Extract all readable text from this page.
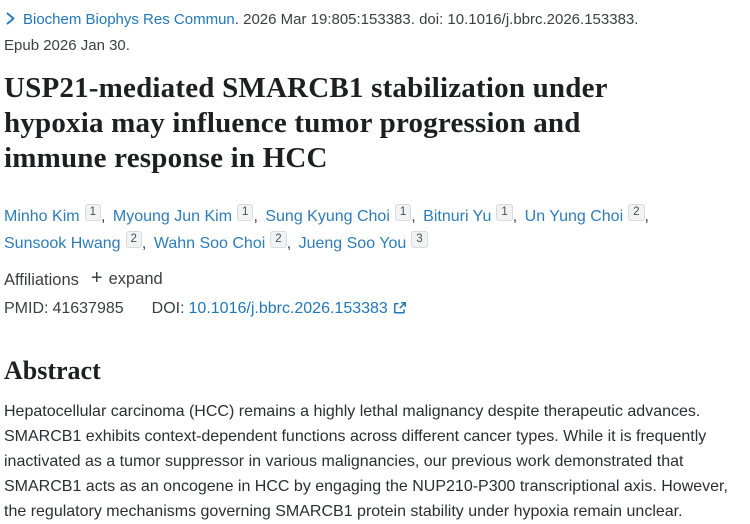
Biochem Biophys Res Commun. 2026 Mar 19:805:153383. doi: 10.1016/j.bbrc.2026.153383.
Epub 2026 Jan 30.
USP21-mediated SMARCB1 stabilization under
hypoxia may influence tumor progression and
immune response in HCC
Minho Kim 1 , Myoung Jun Kim 1 , Sung Kyung Choi 1 , Bitnuri Yu 1 , Un Yung Choi 2 ,
Sunsook Hwang 2 , Wahn Soo Choi 2 , Jueng Soo You 3
Affiliations + expand
PMID: 41637985 DOI: 10.1016/j.bbrc.2026.153383
Abstract
Hepatocellular carcinoma (HCC) remains a highly lethal malignancy despite therapeutic advances.
SMARCB1 exhibits context-dependent functions across different cancer types. While it is frequently
inactivated as a tumor suppressor in various malignancies, our previous work demonstrated that
SMARCB1 acts as an oncogene in HCC by engaging the NUP210-P300 transcriptional axis. However,
the regulatory mechanisms governing SMARCB1 protein stability under hypoxia remain unclear.
